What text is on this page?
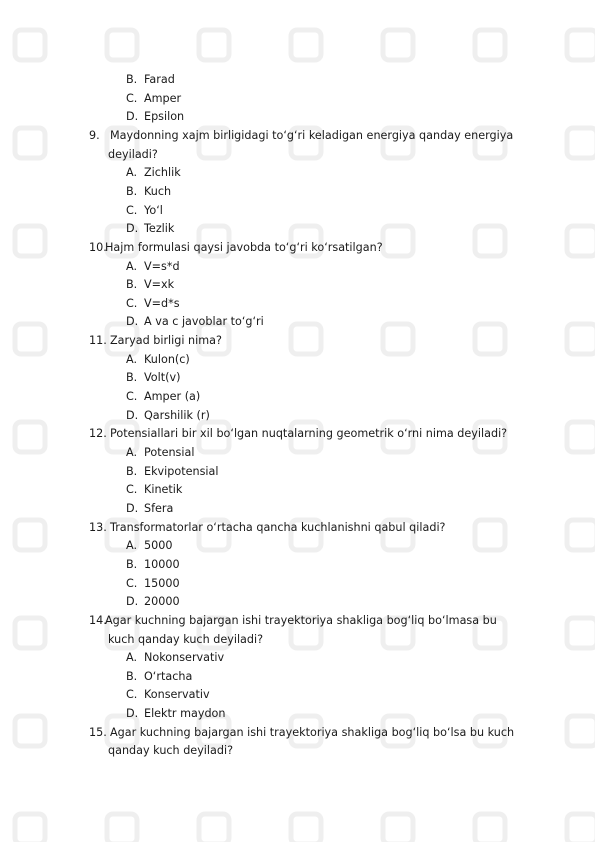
B. Farad
C. Amper
D. Epsilon
9. Maydonning xajm birligidagi to‘g‘ri keladigan energiya qanday energiya
deyiladi?
A. Zichlik
B. Kuch
C. Yo‘l
D. Tezlik
10.
Hajm formulasi qaysi javobda to‘g‘ri ko‘rsatilgan?
A. V=s*d
B. V=xk
C. V=d*s
D. A va c javoblar to‘g‘ri
11. Zaryad birligi nima?
A. Kulon(c)
B. Volt(v)
C. Amper (a)
D. Qarshilik (r)
12. Potensiallari bir xil bo‘lgan nuqtalarning geometrik o‘rni nima deyiladi?
A. Potensial
B. Ekvipotensial
C. Kinetik
D. Sfera
13. Transformatorlar o‘rtacha qancha kuchlanishni qabul qiladi?
A. 5000
B. 10000
C. 15000
D. 20000
14.
Agar kuchning bajargan ishi trayektoriya shakliga bog‘liq bo‘lmasa bu
kuch qanday kuch deyiladi?
A. Nokonservativ
B. O‘rtacha
C. Konservativ
D. Elektr maydon
15. Agar kuchning bajargan ishi trayektoriya shakliga bog‘liq bo‘lsa bu kuch
qanday kuch deyiladi?
